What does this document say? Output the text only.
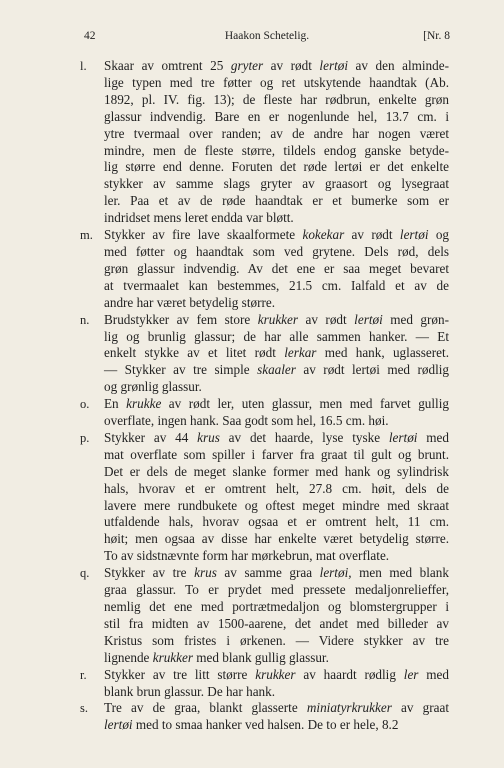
42	Haakon Schetelig.	[Nr. 8
l. Skaar av omtrent 25 gryter av rødt lertøi av den alminde-
lige typen med tre føtter og ret utskytende haandtak (Ab.
1892, pl. IV. fig. 13); de fleste har rødbrun, enkelte grøn
glassur indvendig. Bare en er nogenlunde hel, 13.7 cm. i
ytre tvermaal over randen; av de andre har nogen været
mindre, men de fleste større, tildels endog ganske betyde-
lig større end denne. Foruten det røde lertøi er det enkelte
stykker av samme slags gryter av graasort og lysegraat
ler. Paa et av de røde haandtak er et bumerke som er
indridset mens leret endda var bløtt.
m. Stykker av fire lave skaalformete kokekar av rødt lertøi og
med føtter og haandtak som ved grytene. Dels rød, dels
grøn glassur indvendig. Av det ene er saa meget bevaret
at tvermaalet kan bestemmes, 21.5 cm. Ialfald et av de
andre har været betydelig større.
n. Brudstykker av fem store krukker av rødt lertøi med grøn-
lig og brunlig glassur; de har alle sammen hanker. — Et
enkelt stykke av et litet rødt lerkar med hank, uglasseret.
— Stykker av tre simple skaaler av rødt lertøi med rødlig
og grønlig glassur.
o. En krukke av rødt ler, uten glassur, men med farvet gullig
overflate, ingen hank. Saa godt som hel, 16.5 cm. høi.
p. Stykker av 44 krus av det haarde, lyse tyske lertøi med
mat overflate som spiller i farver fra graat til gult og brunt.
Det er dels de meget slanke former med hank og sylindrisk
hals, hvorav et er omtrent helt, 27.8 cm. høit, dels de
lavere mere rundbukete og oftest meget mindre med skraat
utfaldende hals, hvorav ogsaa et er omtrent helt, 11 cm.
høit; men ogsaa av disse har enkelte været betydelig større.
To av sidstnævnte form har mørkebrun, mat overflate.
q. Stykker av tre krus av samme graa lertøi, men med blank
graa glassur. To er prydet med pressete medaljonrelieffer,
nemlig det ene med portrætmedaljon og blomstergrupper i
stil fra midten av 1500-aarene, det andet med billeder av
Kristus som fristes i ørkenen. — Videre stykker av tre
lignende krukker med blank gullig glassur.
r. Stykker av tre litt større krukker av haardt rødlig ler med
blank brun glassur. De har hank.
s. Tre av de graa, blankt glasserte miniatyrkrukker av graat
lertøi med to smaa hanker ved halsen. De to er hele, 8.2
